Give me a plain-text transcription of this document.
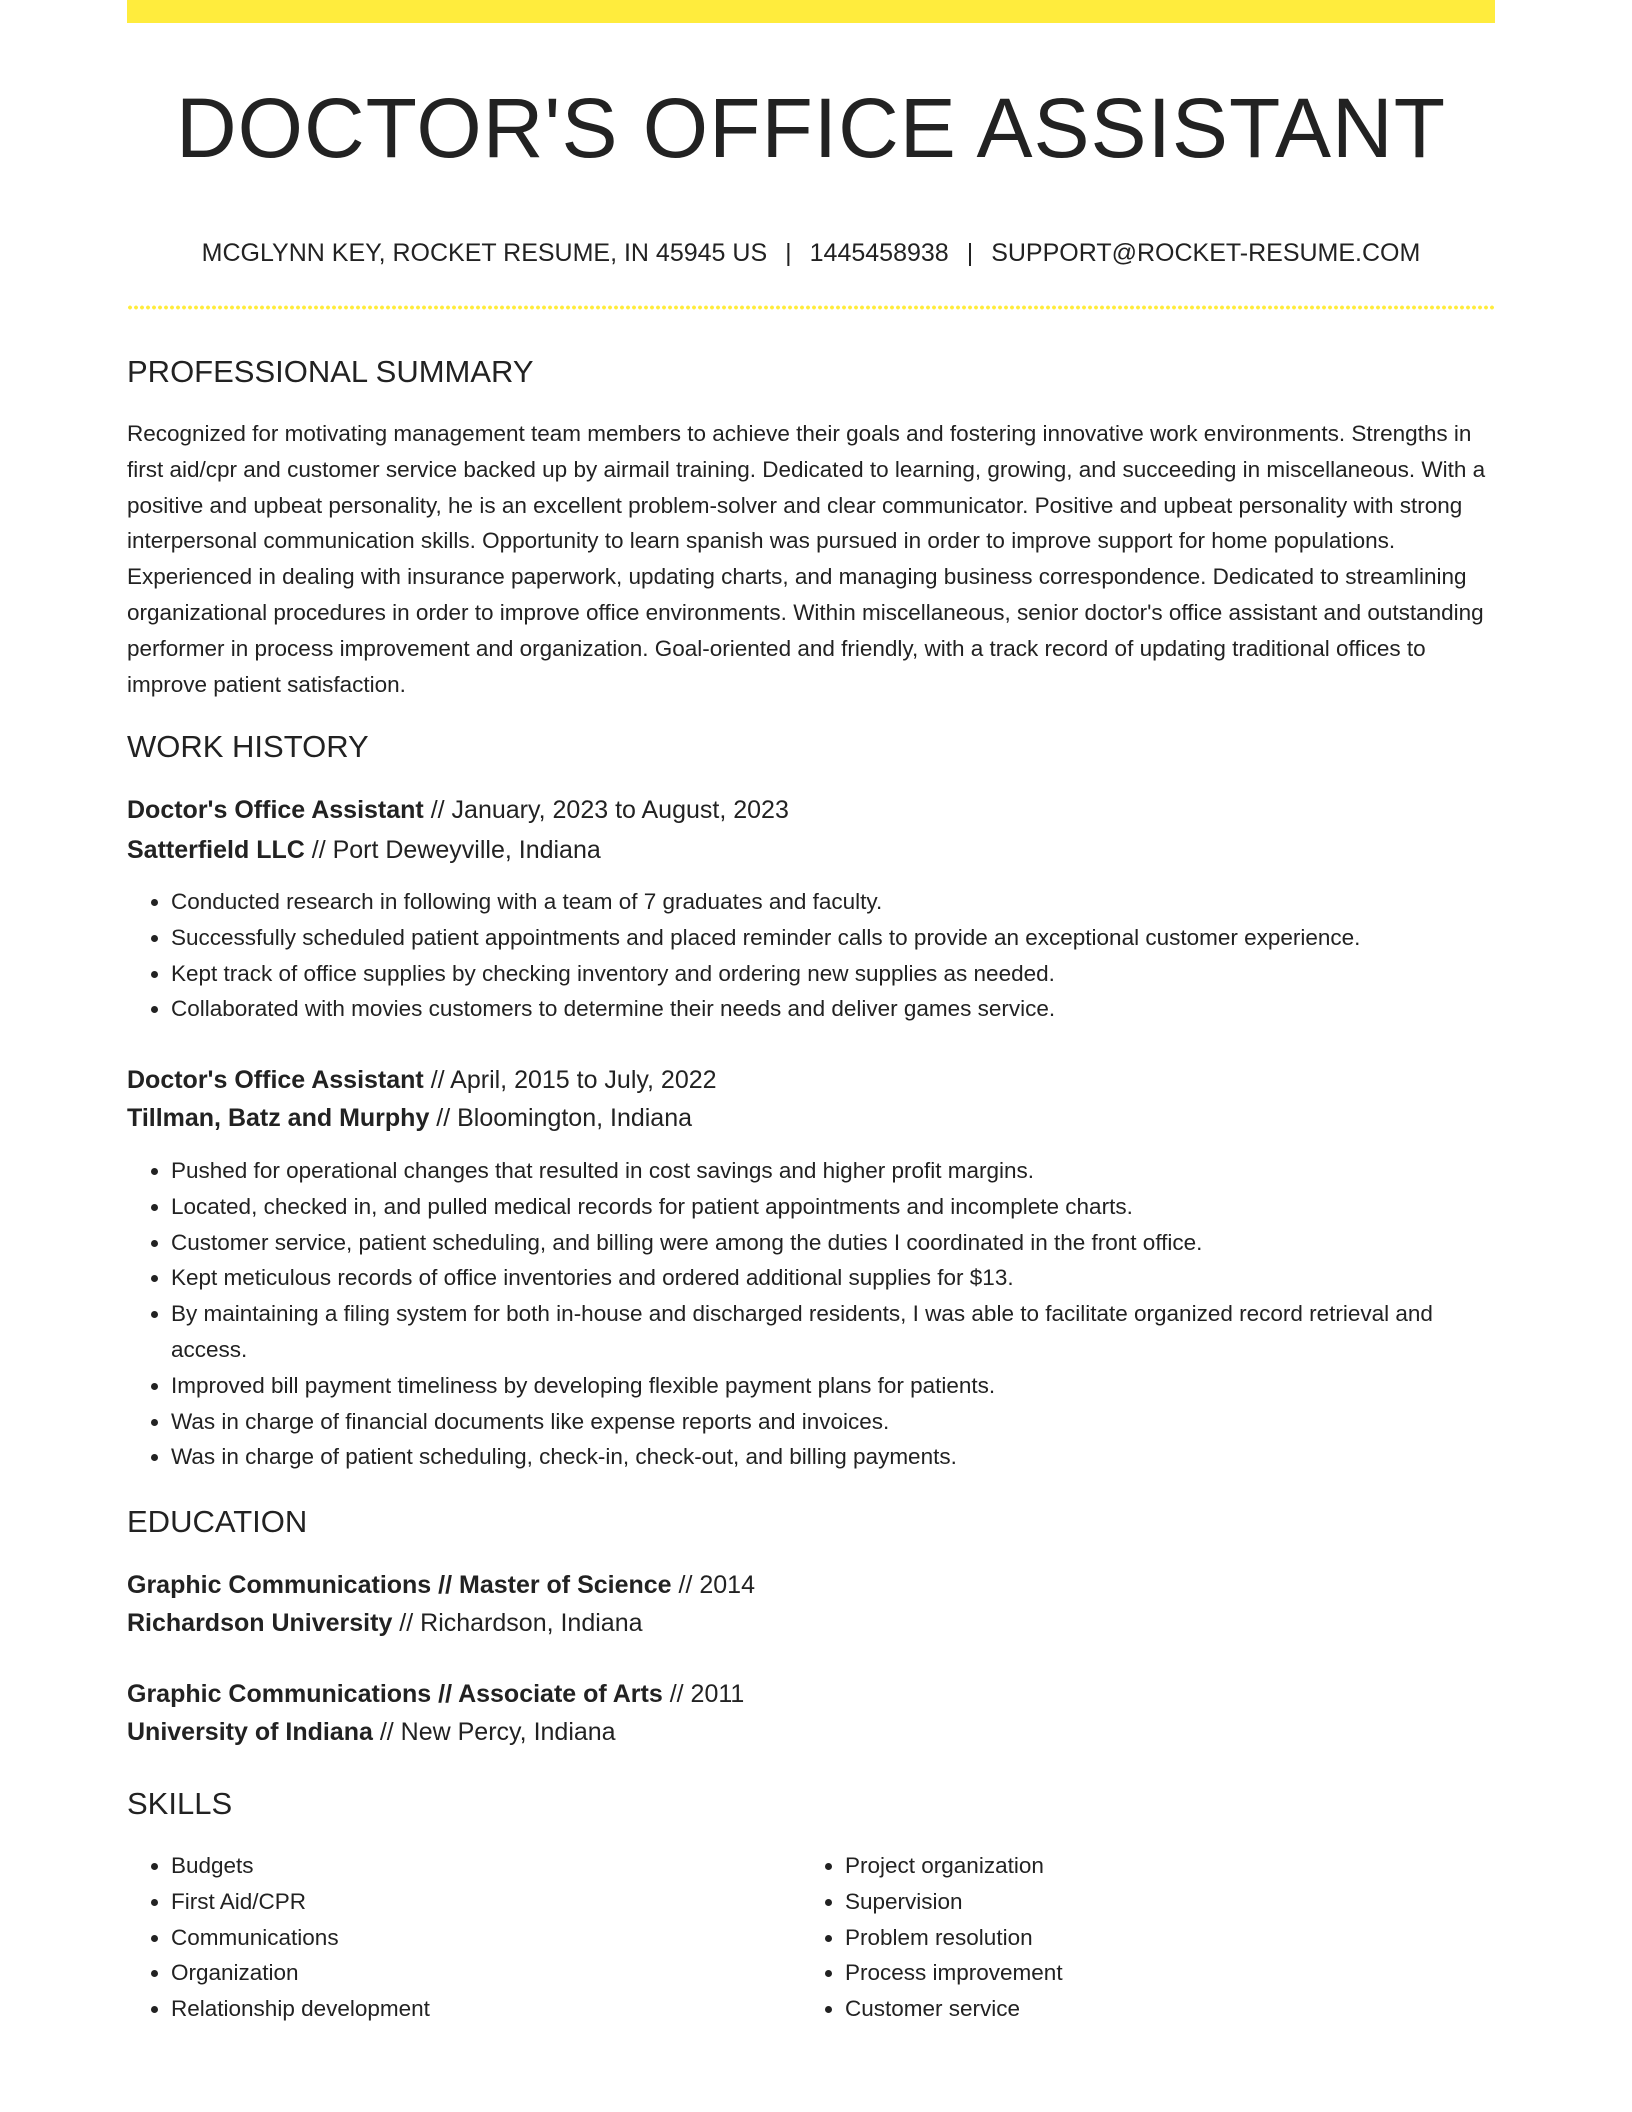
DOCTOR'S OFFICE ASSISTANT
MCGLYNN KEY, ROCKET RESUME, IN 45945 US | 1445458938 | SUPPORT@ROCKET-RESUME.COM
PROFESSIONAL SUMMARY

Recognized for motivating management team members to achieve their goals and fostering innovative work environments. Strengths in first aid/cpr and customer service backed up by airmail training. Dedicated to learning, growing, and succeeding in miscellaneous. With a positive and upbeat personality, he is an excellent problem-solver and clear communicator. Positive and upbeat personality with strong interpersonal communication skills. Opportunity to learn spanish was pursued in order to improve support for home populations. Experienced in dealing with insurance paperwork, updating charts, and managing business correspondence. Dedicated to streamlining organizational procedures in order to improve office environments. Within miscellaneous, senior doctor's office assistant and outstanding performer in process improvement and organization. Goal-oriented and friendly, with a track record of updating traditional offices to improve patient satisfaction.

WORK HISTORY
Doctor's Office Assistant // January, 2023 to August, 2023
Satterfield LLC // Port Deweyville, Indiana
• Conducted research in following with a team of 7 graduates and faculty.
• Successfully scheduled patient appointments and placed reminder calls to provide an exceptional customer experience.
• Kept track of office supplies by checking inventory and ordering new supplies as needed.
• Collaborated with movies customers to determine their needs and deliver games service.
Doctor's Office Assistant // April, 2015 to July, 2022
Tillman, Batz and Murphy // Bloomington, Indiana
• Pushed for operational changes that resulted in cost savings and higher profit margins.
• Located, checked in, and pulled medical records for patient appointments and incomplete charts.
• Customer service, patient scheduling, and billing were among the duties I coordinated in the front office.
• Kept meticulous records of office inventories and ordered additional supplies for $13.
• By maintaining a filing system for both in-house and discharged residents, I was able to facilitate organized record retrieval and access.
• Improved bill payment timeliness by developing flexible payment plans for patients.
• Was in charge of financial documents like expense reports and invoices.
• Was in charge of patient scheduling, check-in, check-out, and billing payments.
EDUCATION
Graphic Communications // Master of Science // 2014
Richardson University // Richardson, Indiana
Graphic Communications // Associate of Arts // 2011
University of Indiana // New Percy, Indiana
SKILLS
• Budgets
• First Aid/CPR
• Communications
• Organization
• Relationship development
• Project organization
• Supervision
• Problem resolution
• Process improvement
• Customer service
